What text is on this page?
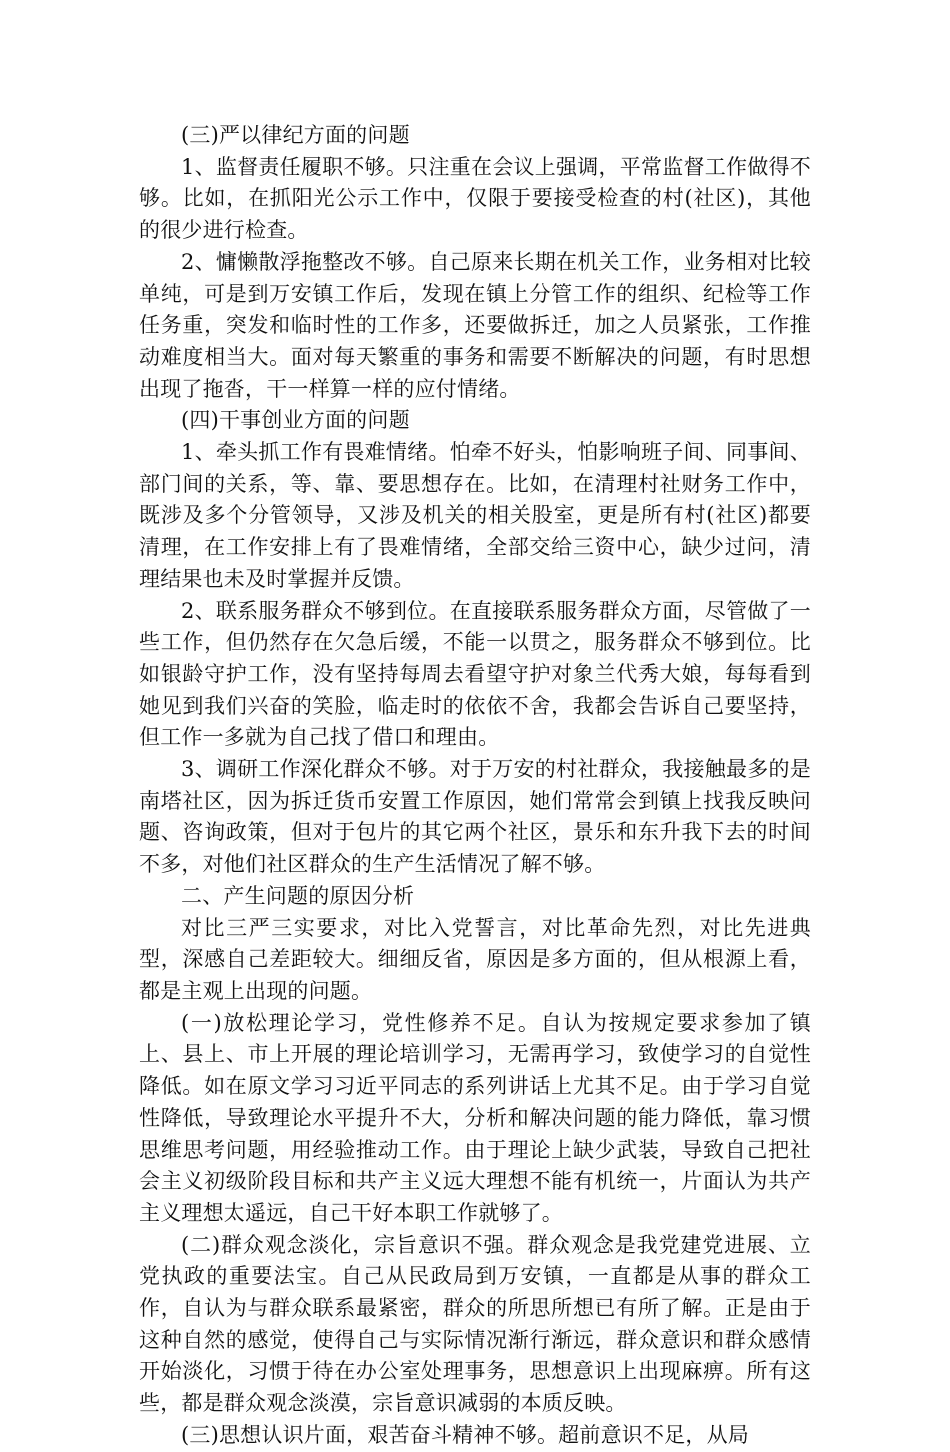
(三)严以律纪方面的问题

1、监督责任履职不够。只注重在会议上强调，平常监督工作做得不够。比如，在抓阳光公示工作中，仅限于要接受检查的村(社区)，其他的很少进行检查。

2、慵懒散浮拖整改不够。自己原来长期在机关工作，业务相对比较单纯，可是到万安镇工作后，发现在镇上分管工作的组织、纪检等工作任务重，突发和临时性的工作多，还要做拆迁，加之人员紧张，工作推动难度相当大。面对每天繁重的事务和需要不断解决的问题，有时思想出现了拖沓，干一样算一样的应付情绪。

(四)干事创业方面的问题

1、牵头抓工作有畏难情绪。怕牵不好头，怕影响班子间、同事间、部门间的关系，等、靠、要思想存在。比如，在清理村社财务工作中，既涉及多个分管领导，又涉及机关的相关股室，更是所有村(社区)都要清理，在工作安排上有了畏难情绪，全部交给三资中心，缺少过问，清理结果也未及时掌握并反馈。

2、联系服务群众不够到位。在直接联系服务群众方面，尽管做了一些工作，但仍然存在欠急后缓，不能一以贯之，服务群众不够到位。比如银龄守护工作，没有坚持每周去看望守护对象兰代秀大娘，每每看到她见到我们兴奋的笑脸，临走时的依依不舍，我都会告诉自己要坚持，但工作一多就为自己找了借口和理由。

3、调研工作深化群众不够。对于万安的村社群众，我接触最多的是南塔社区，因为拆迁货币安置工作原因，她们常常会到镇上找我反映问题、咨询政策，但对于包片的其它两个社区，景乐和东升我下去的时间不多，对他们社区群众的生产生活情况了解不够。

二、产生问题的原因分析

对比三严三实要求，对比入党誓言，对比革命先烈，对比先进典型，深感自己差距较大。细细反省，原因是多方面的，但从根源上看，都是主观上出现的问题。

(一)放松理论学习，党性修养不足。自认为按规定要求参加了镇上、县上、市上开展的理论培训学习，无需再学习，致使学习的自觉性降低。如在原文学习习近平同志的系列讲话上尤其不足。由于学习自觉性降低，导致理论水平提升不大，分析和解决问题的能力降低，靠习惯思维思考问题，用经验推动工作。由于理论上缺少武装，导致自己把社会主义初级阶段目标和共产主义远大理想不能有机统一，片面认为共产主义理想太遥远，自己干好本职工作就够了。

(二)群众观念淡化，宗旨意识不强。群众观念是我党建党进展、立党执政的重要法宝。自己从民政局到万安镇，一直都是从事的群众工作，自认为与群众联系最紧密，群众的所思所想已有所了解。正是由于这种自然的感觉，使得自己与实际情况渐行渐远，群众意识和群众感情开始淡化，习惯于待在办公室处理事务，思想意识上出现麻痹。所有这些，都是群众观念淡漠，宗旨意识减弱的本质反映。

(三)思想认识片面，艰苦奋斗精神不够。超前意识不足，从局
